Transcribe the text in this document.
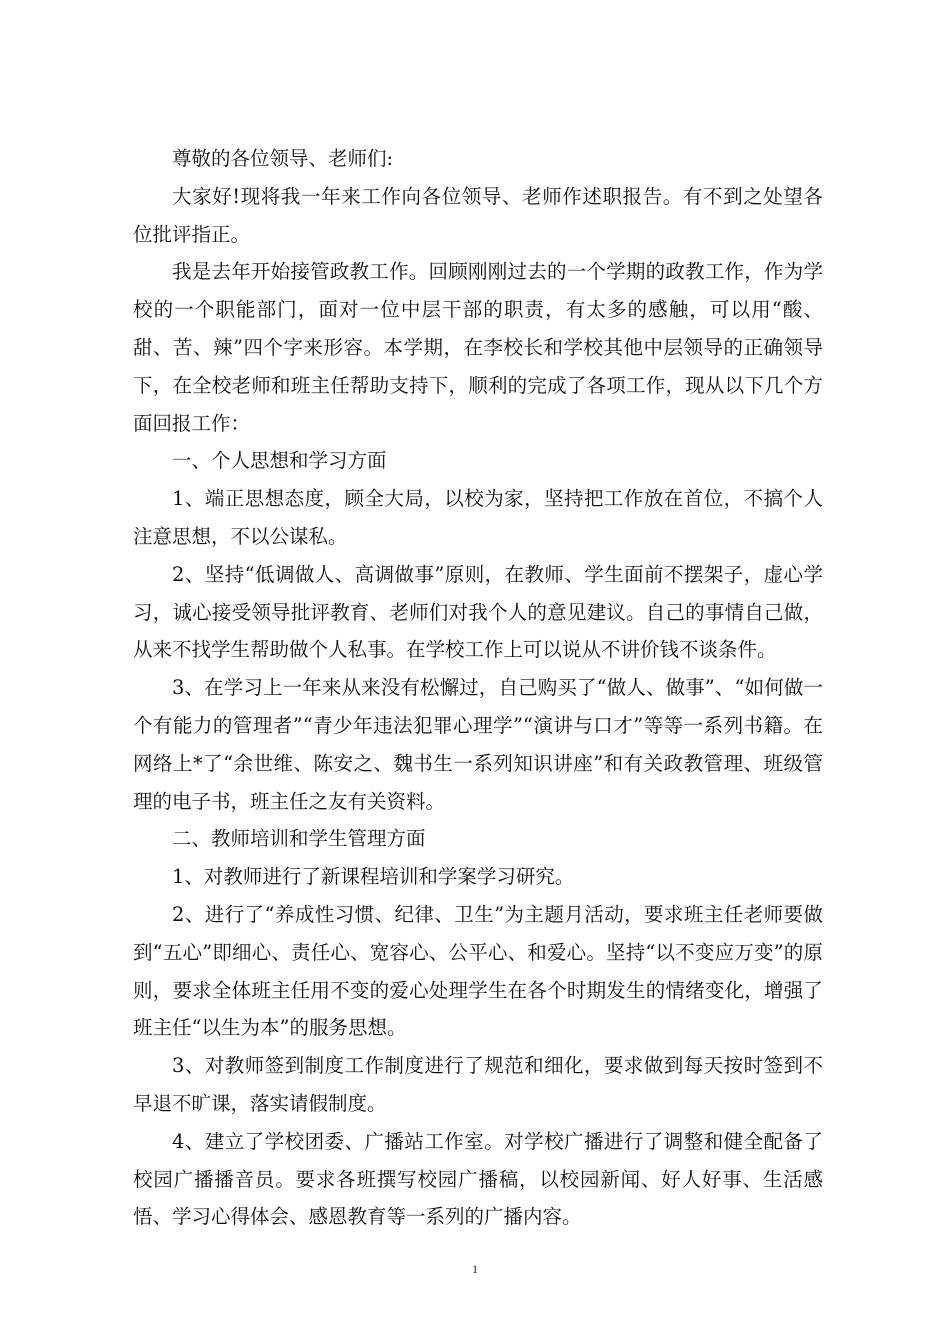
尊敬的各位领导、老师们:

大家好!现将我一年来工作向各位领导、老师作述职报告。有不到之处望各位批评指正。

我是去年开始接管政教工作。回顾刚刚过去的一个学期的政教工作，作为学校的一个职能部门，面对一位中层干部的职责，有太多的感触，可以用“酸、甜、苦、辣”四个字来形容。本学期，在李校长和学校其他中层领导的正确领导下，在全校老师和班主任帮助支持下，顺利的完成了各项工作，现从以下几个方面回报工作：

一、个人思想和学习方面

1、端正思想态度，顾全大局，以校为家，坚持把工作放在首位，不搞个人注意思想，不以公谋私。

2、坚持“低调做人、高调做事”原则，在教师、学生面前不摆架子，虚心学习，诚心接受领导批评教育、老师们对我个人的意见建议。自己的事情自己做，从来不找学生帮助做个人私事。在学校工作上可以说从不讲价钱不谈条件。

3、在学习上一年来从来没有松懈过，自己购买了“做人、做事”、“如何做一个有能力的管理者”“青少年违法犯罪心理学”“演讲与口才”等等一系列书籍。在网络上*了“余世维、陈安之、魏书生一系列知识讲座”和有关政教管理、班级管理的电子书，班主任之友有关资料。

二、教师培训和学生管理方面

1、对教师进行了新课程培训和学案学习研究。

2、进行了“养成性习惯、纪律、卫生”为主题月活动，要求班主任老师要做到“五心”即细心、责任心、宽容心、公平心、和爱心。坚持“以不变应万变”的原则，要求全体班主任用不变的爱心处理学生在各个时期发生的情绪变化，增强了班主任“以生为本”的服务思想。

3、对教师签到制度工作制度进行了规范和细化，要求做到每天按时签到不早退不旷课，落实请假制度。

4、建立了学校团委、广播站工作室。对学校广播进行了调整和健全配备了校园广播播音员。要求各班撰写校园广播稿，以校园新闻、好人好事、生活感悟、学习心得体会、感恩教育等一系列的广播内容。

1
